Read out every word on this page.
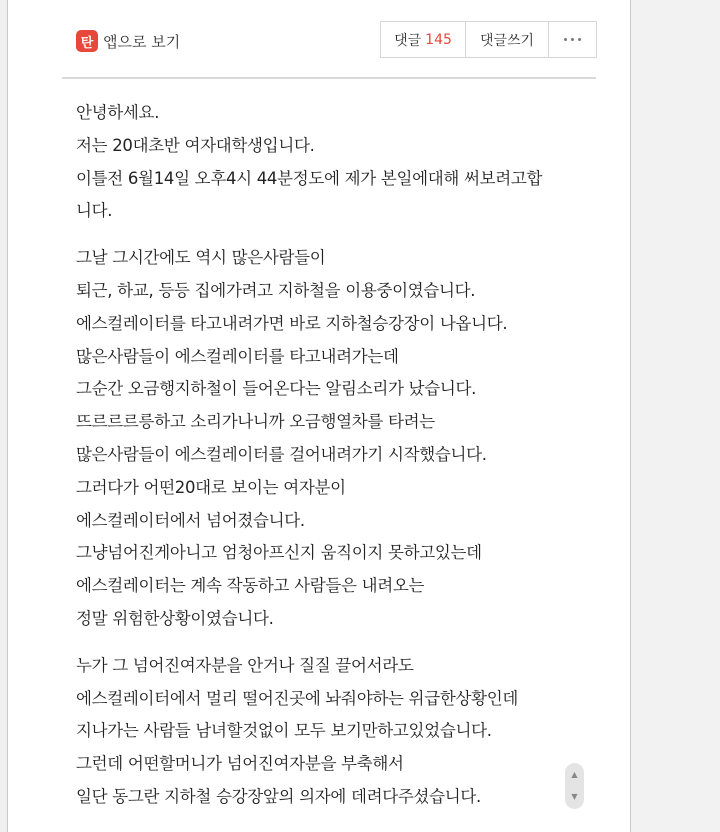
탄 앱으로 보기	댓글 145 댓글쓰기

안녕하세요.
저는 20대초반 여자대학생입니다.
이틀전 6월14일 오후4시 44분정도에 제가 본일에대해 써보려고합
니다.

그날 그시간에도 역시 많은사람들이
퇴근, 하교, 등등 집에가려고 지하철을 이용중이였습니다.
에스컬레이터를 타고내려가면 바로 지하철승강장이 나옵니다.
많은사람들이 에스컬레이터를 타고내려가는데
그순간 오금행지하철이 들어온다는 알림소리가 났습니다.
뜨르르르릉하고 소리가나니까 오금행열차를 타려는
많은사람들이 에스컬레이터를 걸어내려가기 시작했습니다.
그러다가 어떤20대로 보이는 여자분이
에스컬레이터에서 넘어졌습니다.
그냥넘어진게아니고 엄청아프신지 움직이지 못하고있는데
에스컬레이터는 계속 작동하고 사람들은 내려오는
정말 위험한상황이였습니다.

누가 그 넘어진여자분을 안거나 질질 끌어서라도
에스컬레이터에서 멀리 떨어진곳에 놔줘야하는 위급한상황인데
지나가는 사람들 남녀할것없이 모두 보기만하고있었습니다.
그런데 어떤할머니가 넘어진여자분을 부축해서
일단 동그란 지하철 승강장앞의 의자에 데려다주셨습니다.

▲
▼
